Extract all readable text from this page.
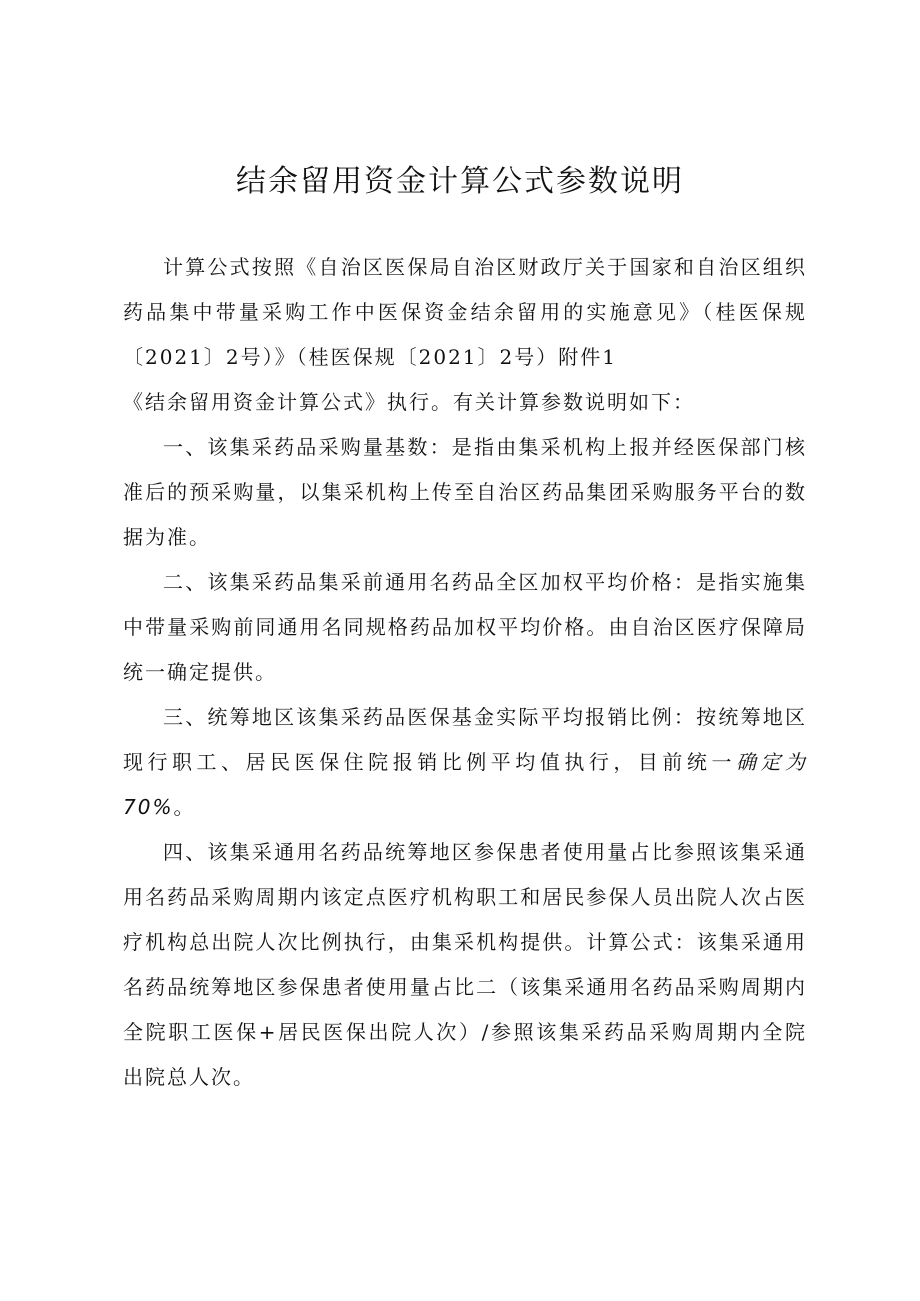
结余留用资金计算公式参数说明

计算公式按照《自治区医保局自治区财政厅关于国家和自治区组织药品集中带量采购工作中医保资金结余留用的实施意见》（桂医保规〔2021〕2号）》（桂医保规〔2021〕2号）附件1

《结余留用资金计算公式》执行。有关计算参数说明如下：

一、该集采药品采购量基数：是指由集采机构上报并经医保部门核准后的预采购量，以集采机构上传至自治区药品集团采购服务平台的数据为准。

二、该集采药品集采前通用名药品全区加权平均价格：是指实施集中带量采购前同通用名同规格药品加权平均价格。由自治区医疗保障局统一确定提供。

三、统筹地区该集采药品医保基金实际平均报销比例：按统筹地区现行职工、居民医保住院报销比例平均值执行，目前统一确定为70%。

四、该集采通用名药品统筹地区参保患者使用量占比参照该集采通用名药品采购周期内该定点医疗机构职工和居民参保人员出院人次占医疗机构总出院人次比例执行，由集采机构提供。计算公式：该集采通用名药品统筹地区参保患者使用量占比二（该集采通用名药品采购周期内全院职工医保+居民医保出院人次）/参照该集采药品采购周期内全院出院总人次。
